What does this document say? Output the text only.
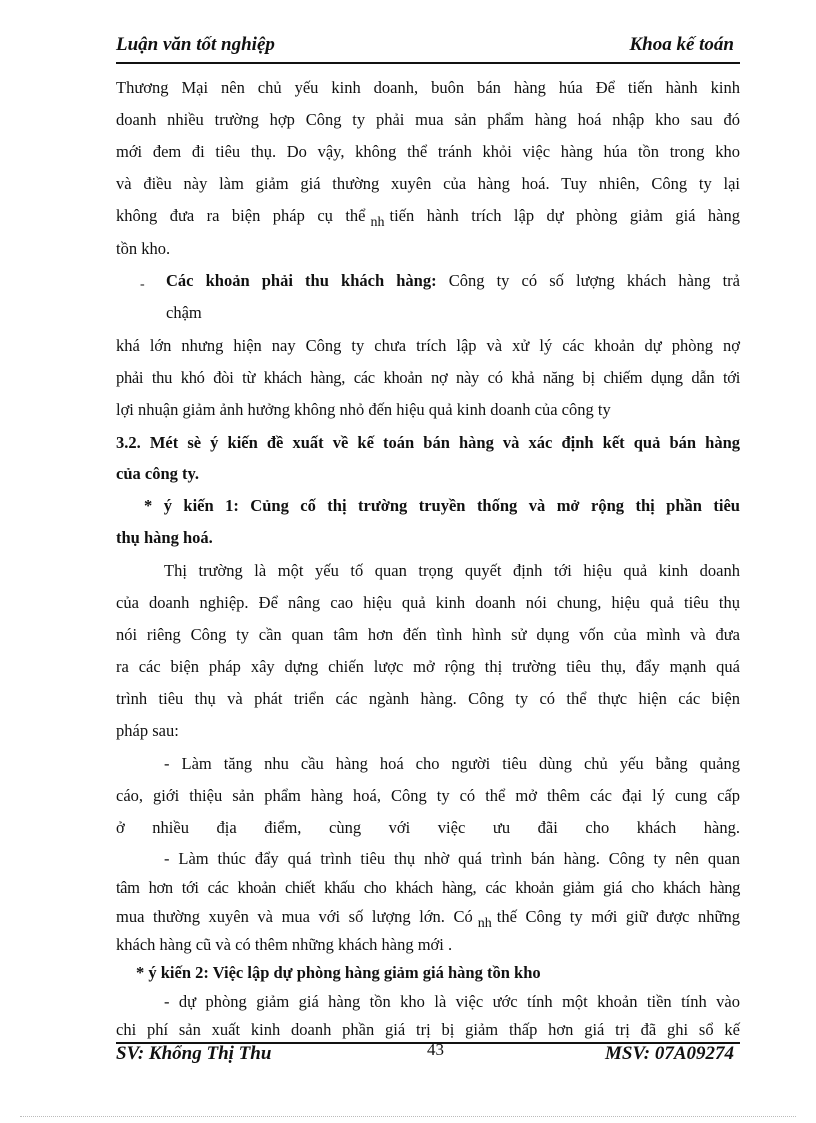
Luận văn tốt nghiệp	Khoa kế toán
Thương Mại nên chủ yếu kinh doanh, buôn bán hàng húa Để tiến hành kinh
doanh nhiều trường hợp Công ty phải mua sản phẩm hàng hoá nhập kho sau đó
mới đem đi tiêu thụ. Do vậy, không thể tránh khỏi việc hàng húa tồn trong kho
và điều này làm giảm giá thường xuyên của hàng hoá. Tuy nhiên, Công ty lại
không đưa ra biện pháp cụ thể $_{nh}$ tiến hành trích lập dự phòng giảm giá hàng
tồn kho.
- Các khoản phải thu khách hàng: Công ty có số lượng khách hàng trả
chậm
khá lớn nhưng hiện nay Công ty chưa trích lập và xử lý các khoản dự phòng nợ
phải thu khó đòi từ khách hàng, các khoản nợ này có khả năng bị chiếm dụng dẫn tới
lợi nhuận giảm ảnh hưởng không nhỏ đến hiệu quả kinh doanh của công ty
3.2. Mét sè ý kiến đề xuất về kế toán bán hàng và xác định kết quả bán hàng
của công ty.
* ý kiến 1: Củng cố thị trường truyền thống và mở rộng thị phần tiêu
thụ hàng hoá.
Thị trường là một yếu tố quan trọng quyết định tới hiệu quả kinh doanh
của doanh nghiệp. Để nâng cao hiệu quả kinh doanh nói chung, hiệu quả tiêu thụ
nói riêng Công ty cần quan tâm hơn đến tình hình sử dụng vốn của mình và đưa
ra các biện pháp xây dựng chiến lược mở rộng thị trường tiêu thụ, đẩy mạnh quá
trình tiêu thụ và phát triển các ngành hàng. Công ty có thể thực hiện các biện
pháp sau:
- Làm tăng nhu cầu hàng hoá cho người tiêu dùng chủ yếu bằng quảng
cáo, giới thiệu sản phẩm hàng hoá, Công ty có thể mở thêm các đại lý cung cấp
ở nhiều địa điểm, cùng với việc ưu đãi cho khách hàng.
- Làm thúc đẩy quá trình tiêu thụ nhờ quá trình bán hàng. Công ty nên quan
tâm hơn tới các khoản chiết khấu cho khách hàng, các khoản giảm giá cho khách hàng
mua thường xuyên và mua với số lượng lớn. Có $_{nh}$ thế Công ty mới giữ được những
khách hàng cũ và có thêm những khách hàng mới .
* ý kiến 2: Việc lập dự phòng hàng giảm giá hàng tồn kho
- dự phòng giảm giá hàng tồn kho là việc ước tính một khoản tiền tính vào
chi phí sản xuất kinh doanh phần giá trị bị giảm thấp hơn giá trị đã ghi sổ kế
SV: Khổng Thị Thu	MSV: 07A09274
43
